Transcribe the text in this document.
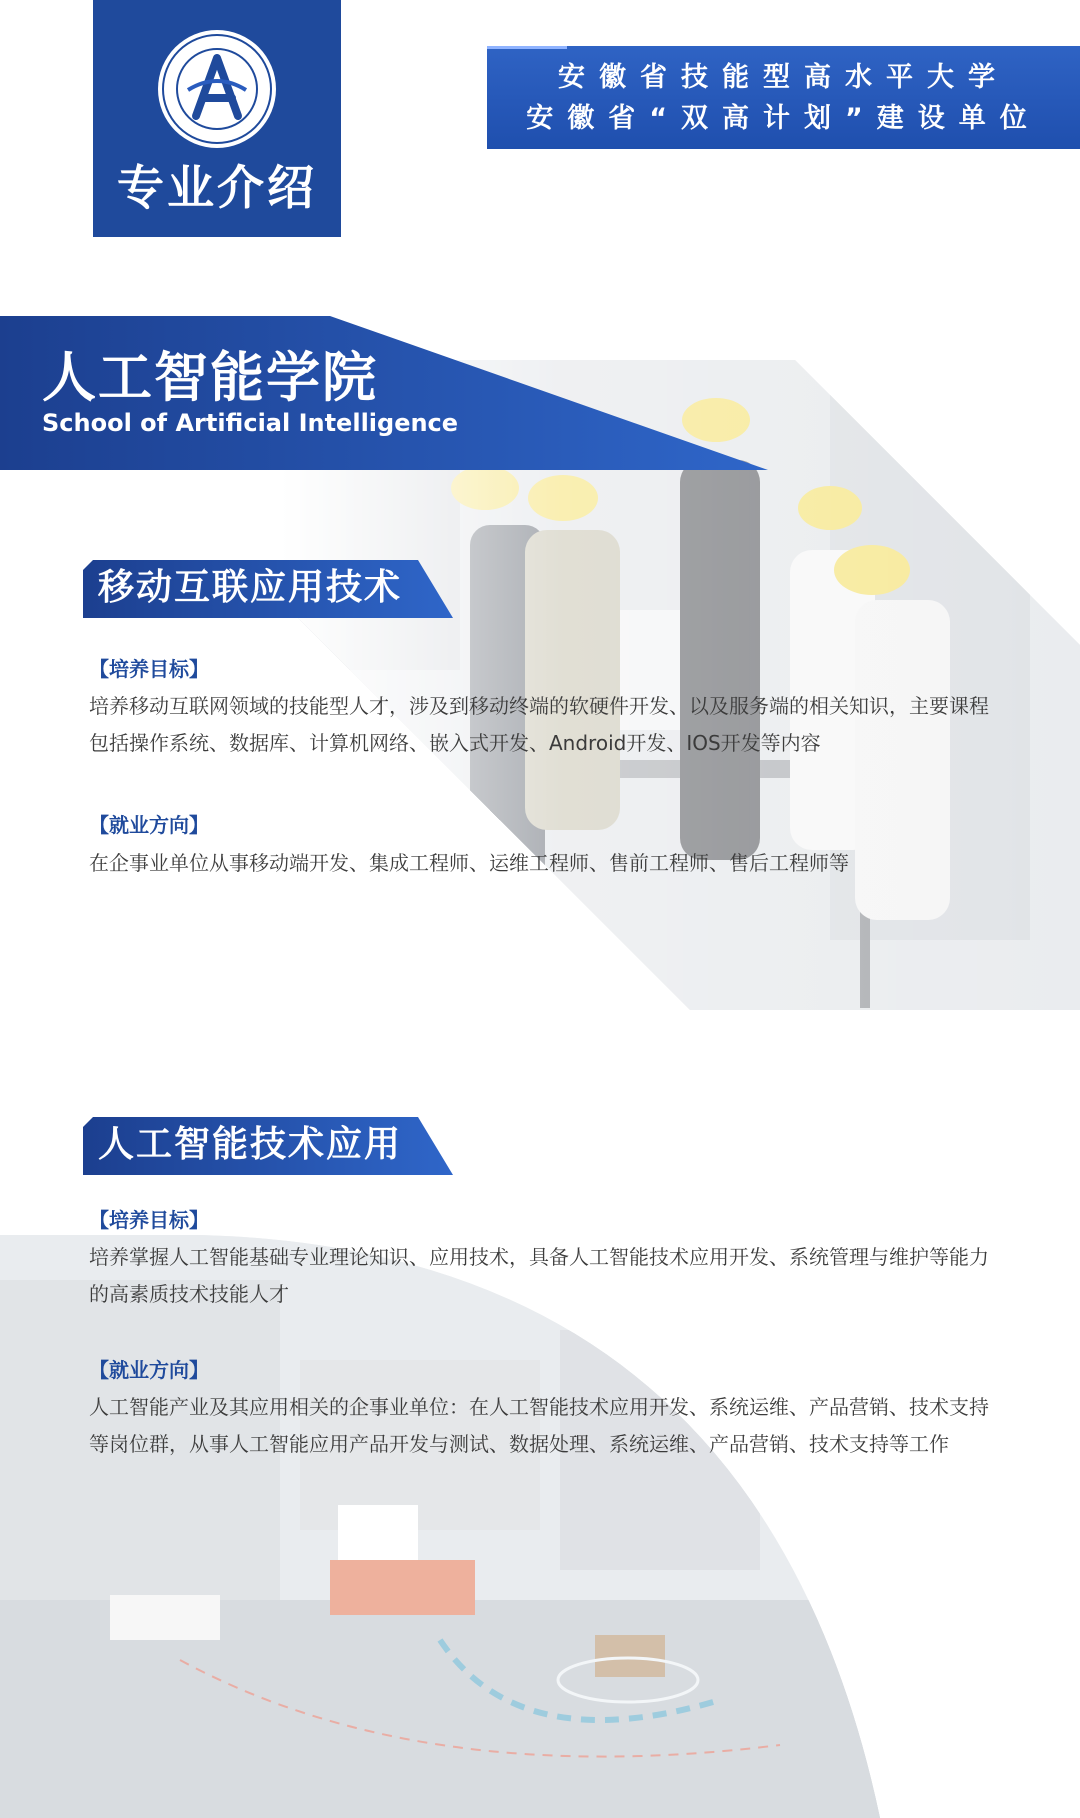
专业介绍
安徽省技能型高水平大学
安徽省“双高计划”建设单位
人工智能学院
School of Artificial Intelligence
移动互联应用技术
【培养目标】
培养移动互联网领域的技能型人才，涉及到移动终端的软硬件开发、以及服务端的相关知识，主要课程包括操作系统、数据库、计算机网络、嵌入式开发、Android开发、IOS开发等内容
【就业方向】
在企事业单位从事移动端开发、集成工程师、运维工程师、售前工程师、售后工程师等
人工智能技术应用
【培养目标】
培养掌握人工智能基础专业理论知识、应用技术，具备人工智能技术应用开发、系统管理与维护等能力的高素质技术技能人才
【就业方向】
人工智能产业及其应用相关的企事业单位：在人工智能技术应用开发、系统运维、产品营销、技术支持等岗位群，从事人工智能应用产品开发与测试、数据处理、系统运维、产品营销、技术支持等工作
